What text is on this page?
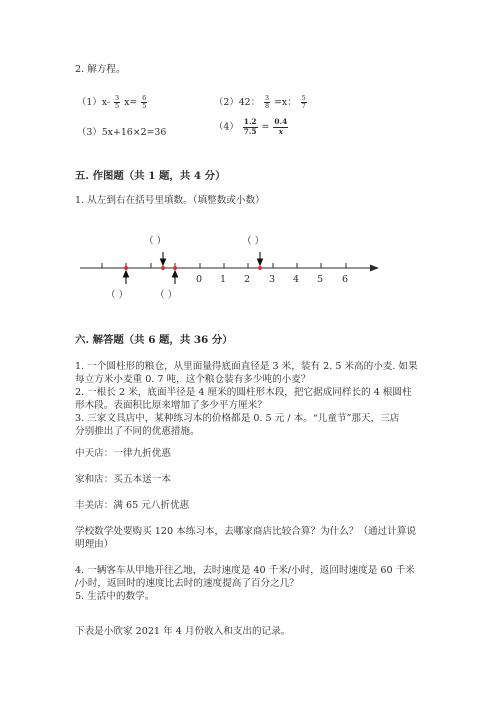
2. 解方程。
$(1)x- \frac{3}{5} x= \frac{6}{5}$	（2）42： $\frac{3}{8} =x$： $\frac{5}{7}$
（3）5x+16×2=36	$(4) \frac{1.2}{7.5} = \frac{0.4}{x}$
五. 作图题（共 1 题，共 4 分）
1. 从左到右在括号里填数。（填整数或小数）
（ ）	（ ）
（ ）	（ ）
0 1 2 3 4 5 6
六. 解答题（共 6 题，共 36 分）
1. 一个圆柱形的粮仓，从里面量得底面直径是 3 米，装有 2. 5 米高的小麦. 如果
每立方米小麦重 0. 7 吨，这个粮仓装有多少吨的小麦？
2. 一根长 2 米，底面半径是 4 厘米的圆柱形木段，把它据成同样长的 4 根圆柱
形木段。表面积比原来增加了多少平方厘米？
3. 三家文具店中，某种练习本的价格都是 0. 5 元 / 本。“儿童节”那天，三店
分别推出了不同的优惠措施。
中天店：一律九折优惠
家和店：买五本送一本
丰美店：满 65 元八折优惠
学校数学处要购买 120 本练习本，去哪家商店比较合算？为什么？（通过计算说
明理由）
4. 一辆客车从甲地开往乙地，去时速度是 40 千米/小时，返回时速度是 60 千米
/小时，返回时的速度比去时的速度提高了百分之几？
5. 生活中的数学。
下表是小欣家 2021 年 4 月份收入和支出的记录。
